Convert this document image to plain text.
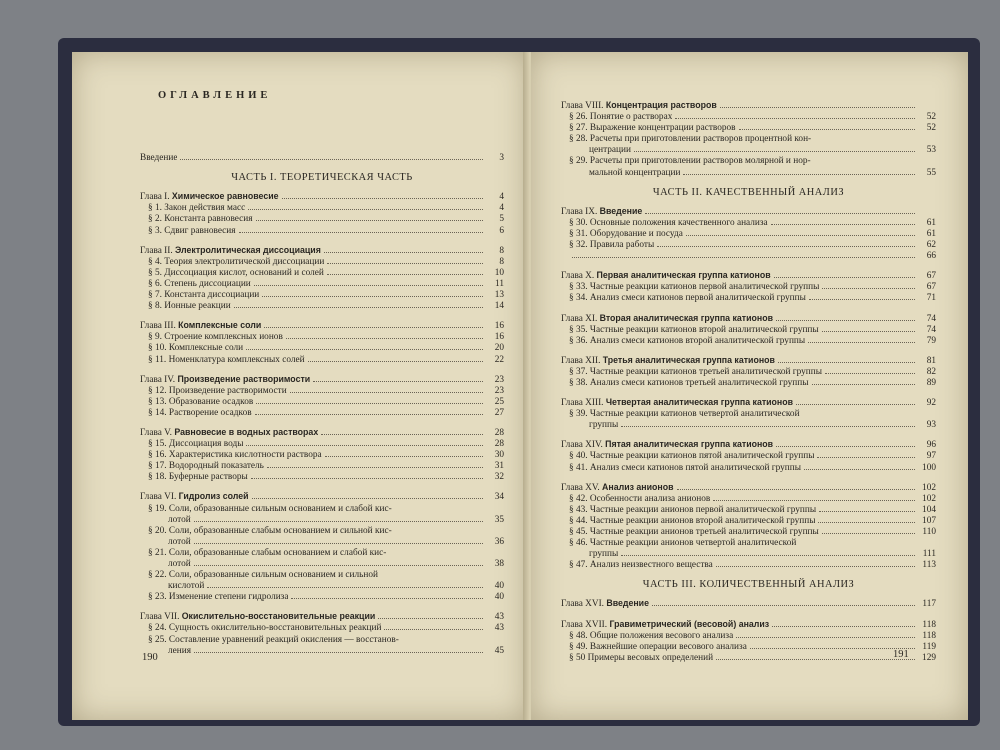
ОГЛАВЛЕНИЕ
Введение	3
ЧАСТЬ I. ТЕОРЕТИЧЕСКАЯ ЧАСТЬ
Глава I. Химическое равновесие	4
§ 1. Закон действия масс	4
§ 2. Константа равновесия	5
§ 3. Сдвиг равновесия	6
Глава II. Электролитическая диссоциация	8
§ 4. Теория электролитической диссоциации	8
§ 5. Диссоциация кислот, оснований и солей	10
§ 6. Степень диссоциации	11
§ 7. Константа диссоциации	13
§ 8. Ионные реакции	14
Глава III. Комплексные соли	16
§ 9. Строение комплексных ионов	16
§ 10. Комплексные соли	20
§ 11. Номенклатура комплексных солей	22
Глава IV. Произведение растворимости	23
§ 12. Произведение растворимости	23
§ 13. Образование осадков	25
§ 14. Растворение осадков	27
Глава V. Равновесие в водных растворах	28
§ 15. Диссоциация воды	28
§ 16. Характеристика кислотности раствора	30
§ 17. Водородный показатель	31
§ 18. Буферные растворы	32
Глава VI. Гидролиз солей	34
§ 19. Соли, образованные сильным основанием и слабой кис-
лотой	35
§ 20. Соли, образованные слабым основанием и сильной кис-
лотой	36
§ 21. Соли, образованные слабым основанием и слабой кис-
лотой	38
§ 22. Соли, образованные сильным основанием и сильной
кислотой	40
§ 23. Изменение степени гидролиза	40
Глава VII. Окислительно-восстановительные реакции	43
§ 24. Сущность окислительно-восстановительных реакций	43
§ 25. Составление уравнений реакций окисления — восстанов-
ления	45
190
Глава VIII. Концентрация растворов
§ 26. Понятие о растворах	52
§ 27. Выражение концентрации растворов	52
§ 28. Расчеты при приготовлении растворов процентной кон-
центрации	53
§ 29. Расчеты при приготовлении растворов молярной и нор-
мальной концентрации	55
ЧАСТЬ II. КАЧЕСТВЕННЫЙ АНАЛИЗ
Глава IX. Введение
§ 30. Основные положения качественного анализа	61
§ 31. Оборудование и посуда	61
§ 32. Правила работы	62
66
Глава X. Первая аналитическая группа катионов	67
§ 33. Частные реакции катионов первой аналитической группы	67
§ 34. Анализ смеси катионов первой аналитической группы	71
Глава XI. Вторая аналитическая группа катионов	74
§ 35. Частные реакции катионов второй аналитической группы	74
§ 36. Анализ смеси катионов второй аналитической группы	79
Глава XII. Третья аналитическая группа катионов	81
§ 37. Частные реакции катионов третьей аналитической группы	82
§ 38. Анализ смеси катионов третьей аналитической группы	89
Глава XIII. Четвертая аналитическая группа катионов	92
§ 39. Частные реакции катионов четвертой аналитической
группы	93
Глава XIV. Пятая аналитическая группа катионов	96
§ 40. Частные реакции катионов пятой аналитической группы	97
§ 41. Анализ смеси катионов пятой аналитической группы	100
Глава XV. Анализ анионов	102
§ 42. Особенности анализа анионов	102
§ 43. Частные реакции анионов первой аналитической группы	104
§ 44. Частные реакции анионов второй аналитической группы	107
§ 45. Частные реакции анионов третьей аналитической группы	110
§ 46. Частные реакции анионов четвертой аналитической
группы	111
§ 47. Анализ неизвестного вещества	113
ЧАСТЬ III. КОЛИЧЕСТВЕННЫЙ АНАЛИЗ
Глава XVI. Введение	117
Глава XVII. Гравиметрический (весовой) анализ	118
§ 48. Общие положения весового анализа	118
§ 49. Важнейшие операции весового анализа	119
§ 50 Примеры весовых определений	129
191
